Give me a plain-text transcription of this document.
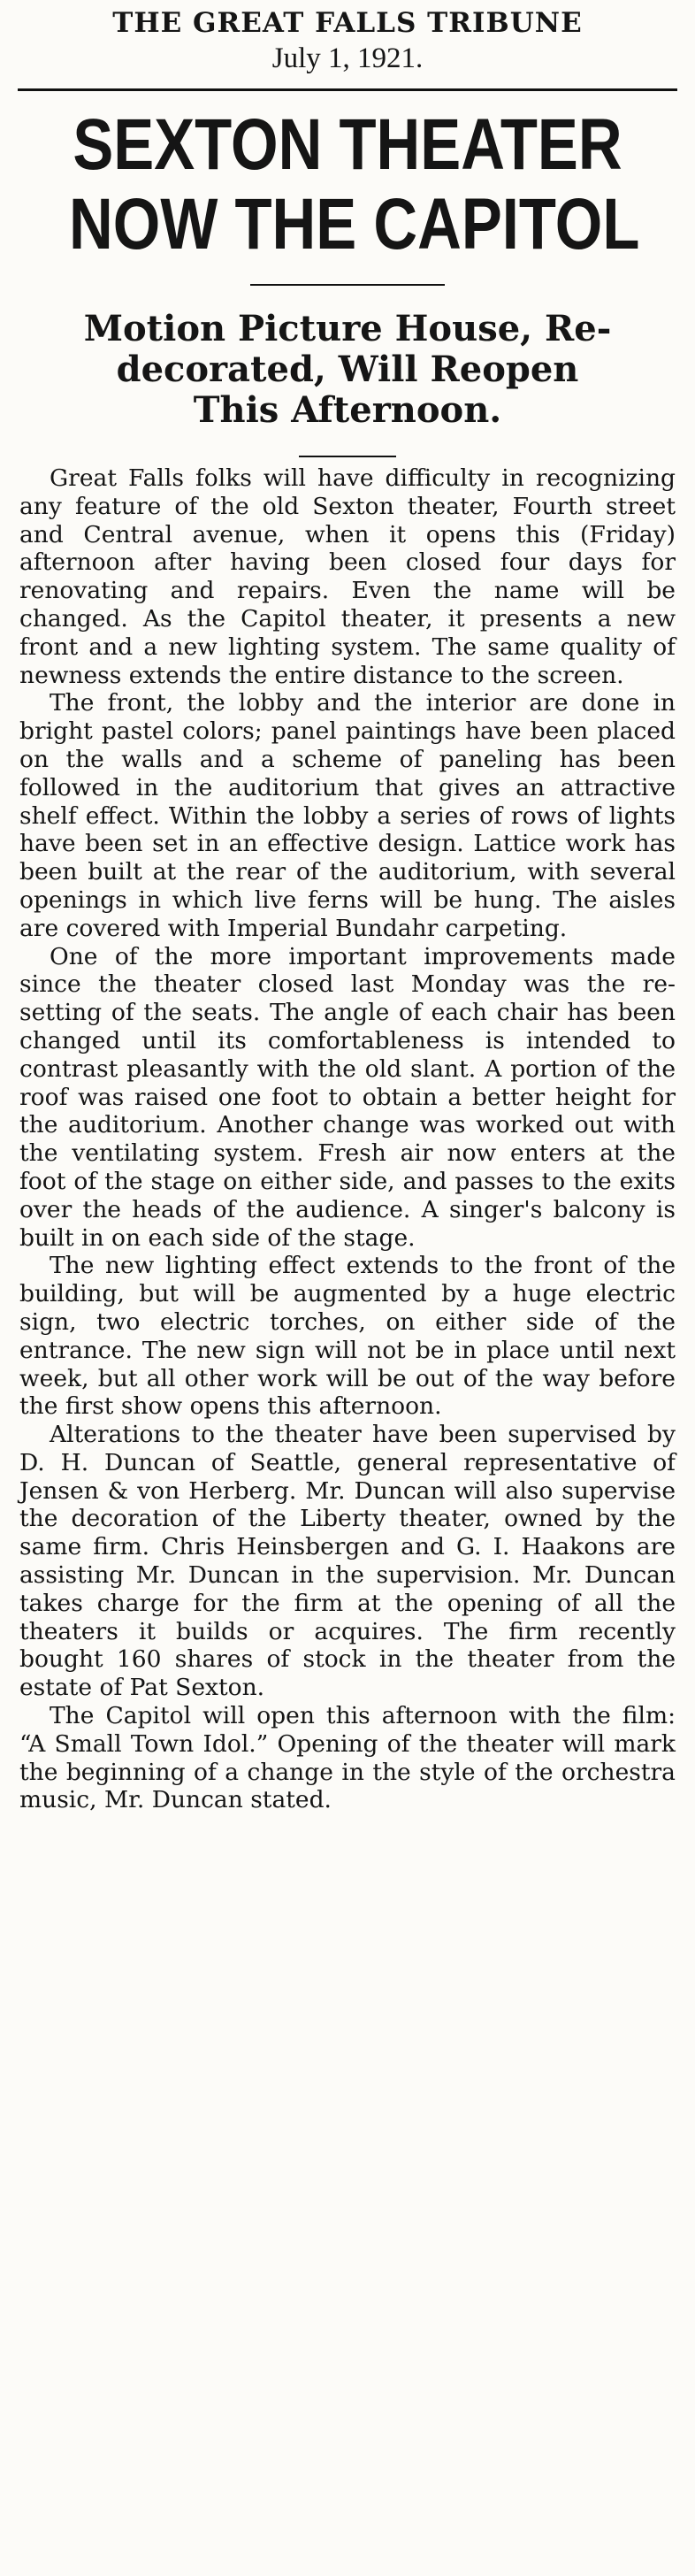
THE GREAT FALLS TRIBUNE
July 1, 1921.
SEXTON THEATER
NOW THE CAPITOL
Motion Picture House, Re-
decorated, Will Reopen
This Afternoon.

Great Falls folks will have difficulty in recognizing any feature of the old Sexton theater, Fourth street and Central avenue, when it opens this (Friday) afternoon after having been closed four days for renovating and repairs. Even the name will be changed. As the Capitol theater, it presents a new front and a new lighting system. The same quality of newness extends the entire distance to the screen.

The front, the lobby and the interior are done in bright pastel colors; panel paintings have been placed on the walls and a scheme of paneling has been followed in the auditorium that gives an attractive shelf effect. Within the lobby a series of rows of lights have been set in an effective design. Lattice work has been built at the rear of the auditorium, with several openings in which live ferns will be hung. The aisles are covered with Imperial Bundahr carpeting.

One of the more important improvements made since the theater closed last Monday was the re-setting of the seats. The angle of each chair has been changed until its comfortableness is intended to contrast pleasantly with the old slant. A portion of the roof was raised one foot to obtain a better height for the auditorium. Another change was worked out with the ventilating system. Fresh air now enters at the foot of the stage on either side, and passes to the exits over the heads of the audience. A singer's balcony is built in on each side of the stage.

The new lighting effect extends to the front of the building, but will be augmented by a huge electric sign, two electric torches, on either side of the entrance. The new sign will not be in place until next week, but all other work will be out of the way before the first show opens this afternoon.

Alterations to the theater have been supervised by D. H. Duncan of Seattle, general representative of Jensen & von Herberg. Mr. Duncan will also supervise the decoration of the Liberty theater, owned by the same firm. Chris Heinsbergen and G. I. Haakons are assisting Mr. Duncan in the supervision. Mr. Duncan takes charge for the firm at the opening of all the theaters it builds or acquires. The firm recently bought 160 shares of stock in the theater from the estate of Pat Sexton.

The Capitol will open this afternoon with the film: “A Small Town Idol.” Opening of the theater will mark the beginning of a change in the style of the orchestra music, Mr. Duncan stated.
